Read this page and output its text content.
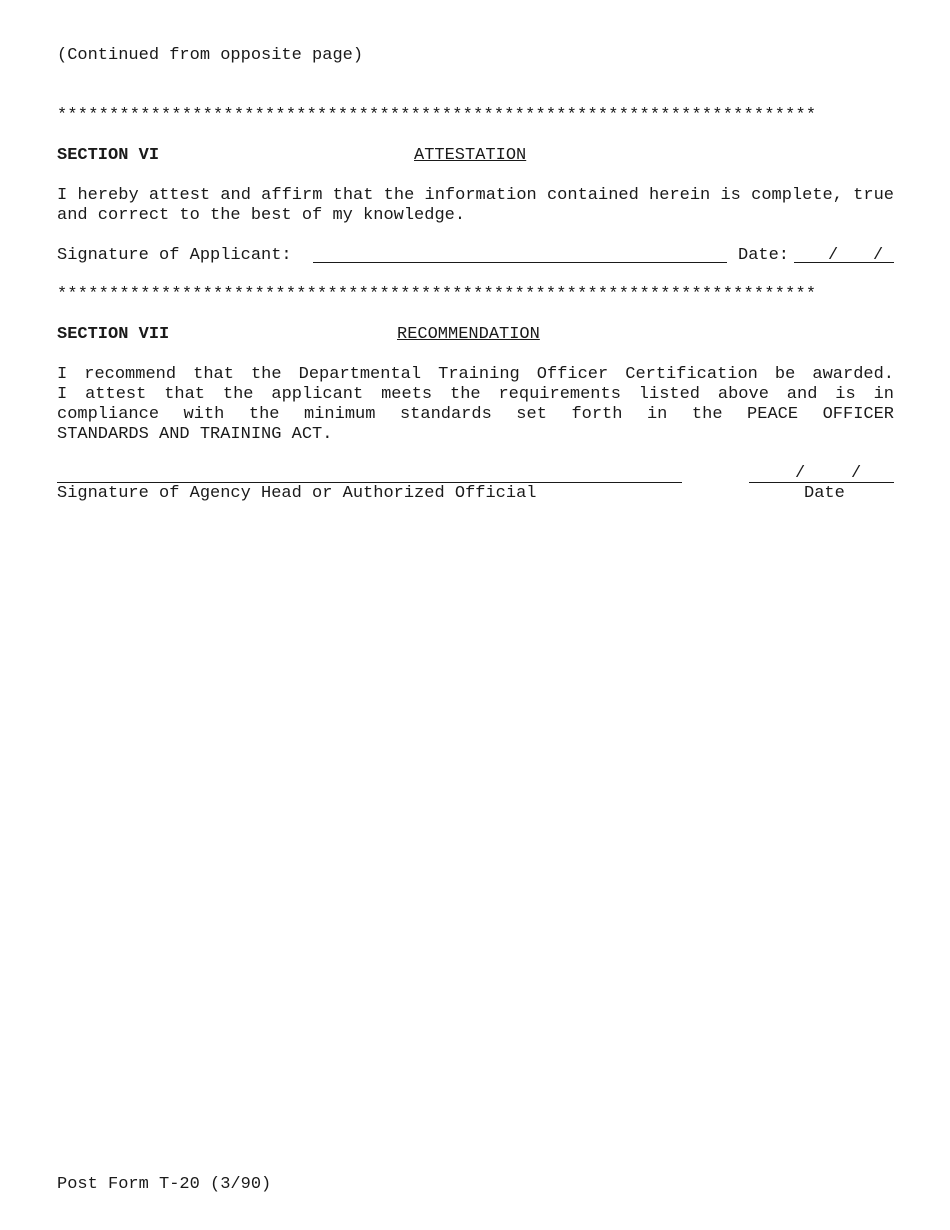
(Continued from opposite page)
*************************************************************************
SECTION VI	ATTESTATION
I hereby attest and affirm that the information contained herein is complete, true and correct to the best of my knowledge.
Signature of Applicant:	Date: / /
*************************************************************************
SECTION VII	RECOMMENDATION
I recommend that the Departmental Training Officer Certification be awarded.
I attest that the applicant meets the requirements listed above and is in
compliance with the minimum standards set forth in the PEACE OFFICER
STANDARDS AND TRAINING ACT.
Signature of Agency Head or Authorized Official
/	/
Date
Post Form T-20 (3/90)
